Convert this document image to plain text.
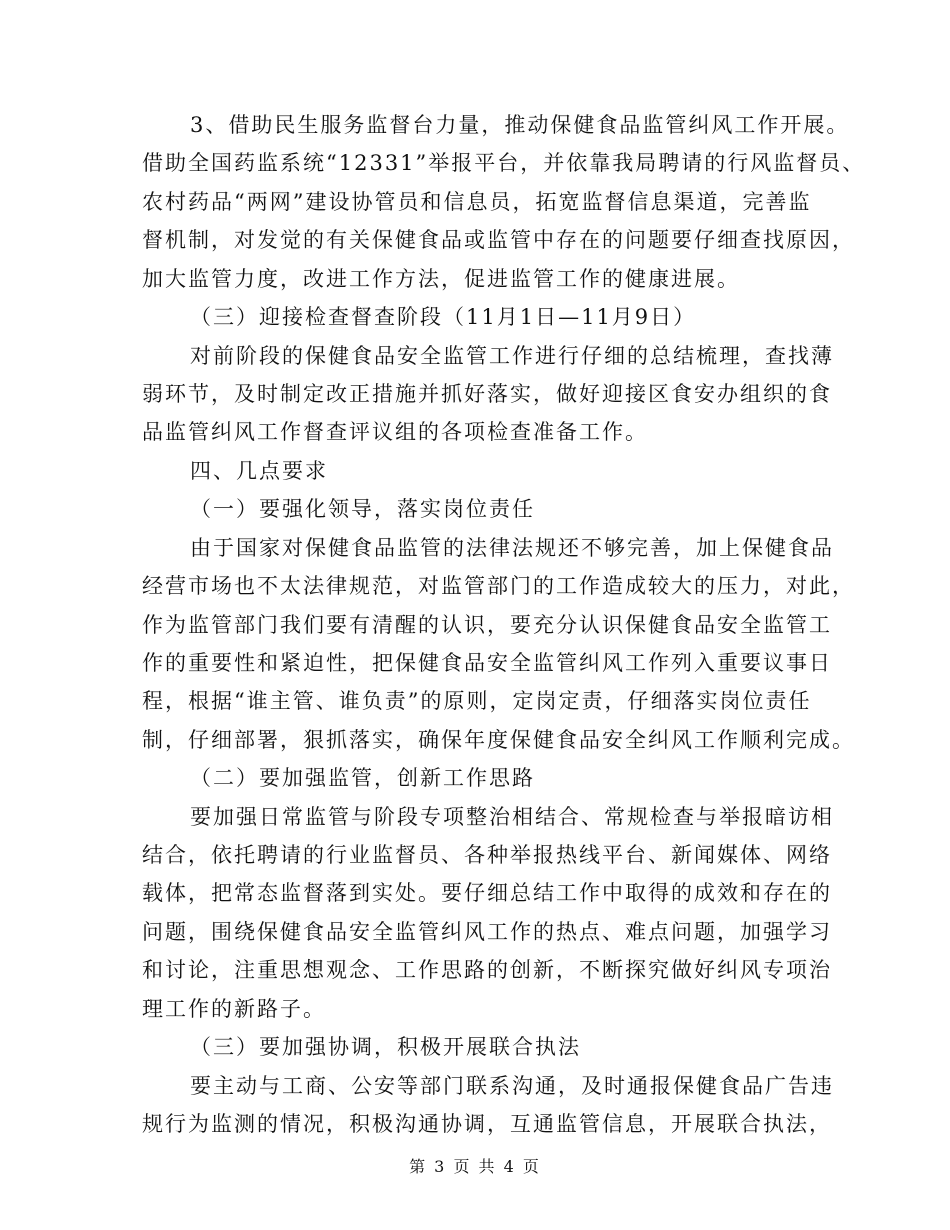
3、借助民生服务监督台力量，推动保健食品监管纠风工作开展。
借助全国药监系统“12331”举报平台，并依靠我局聘请的行风监督员、
农村药品“两网”建设协管员和信息员，拓宽监督信息渠道，完善监
督机制，对发觉的有关保健食品或监管中存在的问题要仔细查找原因，
加大监管力度，改进工作方法，促进监管工作的健康进展。
（三）迎接检查督查阶段（11月1日—11月9日）
对前阶段的保健食品安全监管工作进行仔细的总结梳理，查找薄
弱环节，及时制定改正措施并抓好落实，做好迎接区食安办组织的食
品监管纠风工作督查评议组的各项检查准备工作。
四、几点要求
（一）要强化领导，落实岗位责任
由于国家对保健食品监管的法律法规还不够完善，加上保健食品
经营市场也不太法律规范，对监管部门的工作造成较大的压力，对此，
作为监管部门我们要有清醒的认识，要充分认识保健食品安全监管工
作的重要性和紧迫性，把保健食品安全监管纠风工作列入重要议事日
程，根据“谁主管、谁负责”的原则，定岗定责，仔细落实岗位责任
制，仔细部署，狠抓落实，确保年度保健食品安全纠风工作顺利完成。
（二）要加强监管，创新工作思路
要加强日常监管与阶段专项整治相结合、常规检查与举报暗访相
结合，依托聘请的行业监督员、各种举报热线平台、新闻媒体、网络
载体，把常态监督落到实处。要仔细总结工作中取得的成效和存在的
问题，围绕保健食品安全监管纠风工作的热点、难点问题，加强学习
和讨论，注重思想观念、工作思路的创新，不断探究做好纠风专项治
理工作的新路子。
（三）要加强协调，积极开展联合执法
要主动与工商、公安等部门联系沟通，及时通报保健食品广告违
规行为监测的情况，积极沟通协调，互通监管信息，开展联合执法，
第 3 页 共 4 页
